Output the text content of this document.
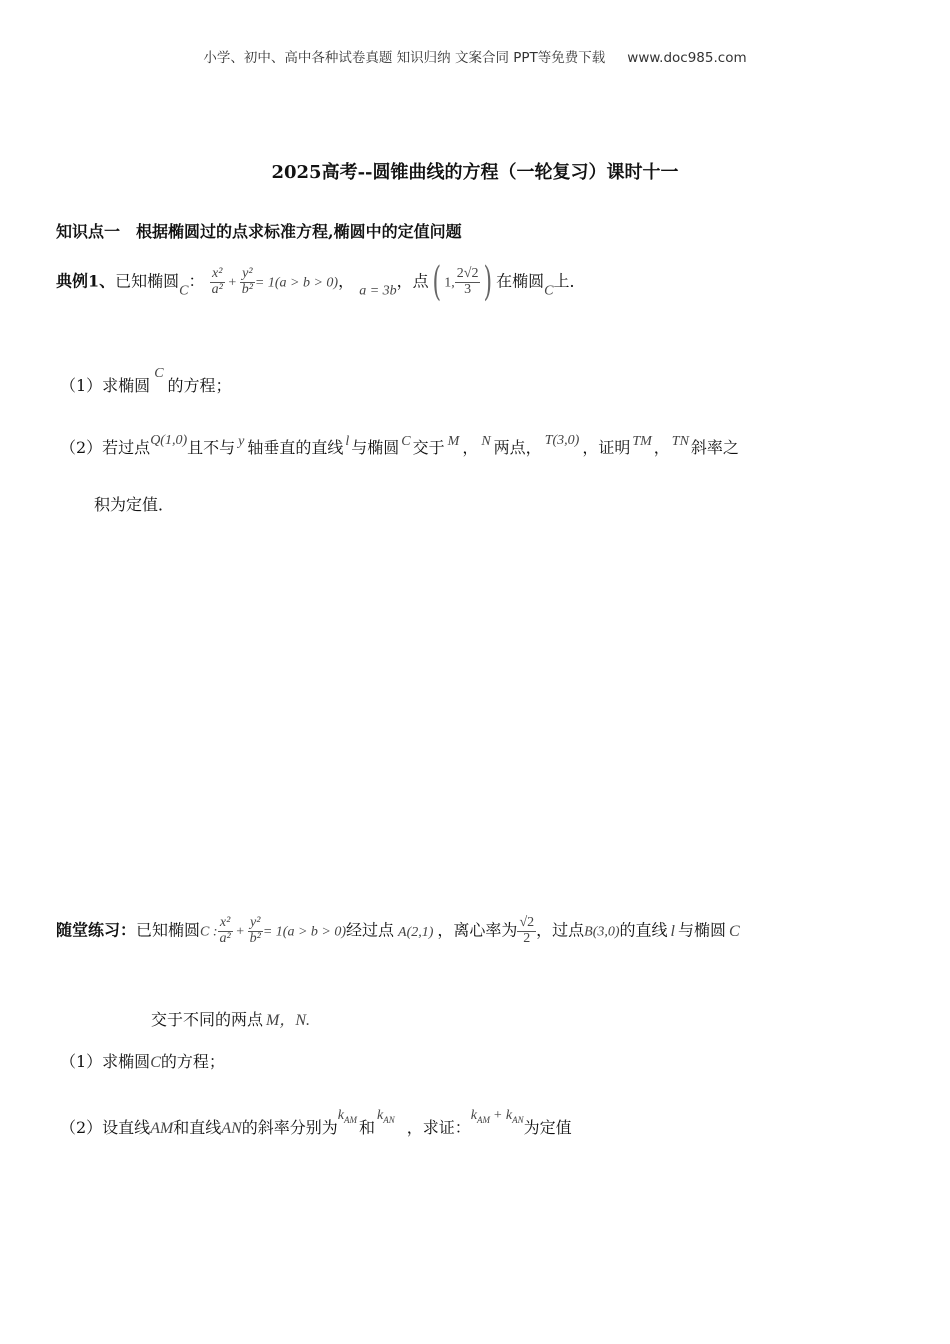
小学、初中、高中各种试卷真题 知识归纳 文案合同 PPT等免费下载 www.doc985.com
2025高考--圆锥曲线的方程（一轮复习）课时十一
知识点一　根据椭圆过的点求标准方程,椭圆中的定值问题
典例1、已知椭圆C： $\frac{\text{x²}}{\text{a²}} + \frac{\text{y²}}{\text{b²}} = 1(a > b > 0)$， a = 3b，点( 1, $\frac{2√2}{3}$ ) 在椭圆C上．
（1）求椭圆C的方程；
（2）若过点Q(1,0)且不与 y 轴垂直的直线 l 与椭圆 C 交于 M ， N 两点， T(3,0) ，证明 TM ， TN 斜率之
积为定值．
随堂练习：已知椭圆C : $\frac{\text{x²}}{\text{a²}} + \frac{\text{y²}}{\text{b²}} = 1(a > b > 0)$经过点 A(2,1) ，离心率为 $\frac{√2}{2}$ ，过点B(3,0)的直线 l 与椭圆 C
交于不同的两点 M，N.
（1）求椭圆C的方程；
（2）设直线AM和直线AN的斜率分别为$k_{AM}$ 和$k_{AN}$ ，求证：$k_{AM} + k_{AN}$为定值
